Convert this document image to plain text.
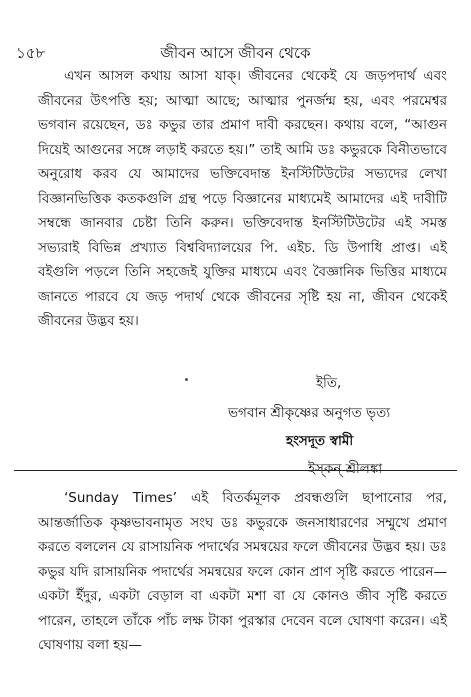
১৫৮	জীবন আসে জীবন থেকে

এখন আসল কথায় আসা যাক্‌। জীবনের থেকেই যে জড়পদার্থ এবং জীবনের উৎপত্তি হয়; আত্মা আছে; আত্মার পুনর্জন্ম হয়, এবং পরমেশ্বর ভগবান রয়েছেন, ডঃ কভুর তার প্রমাণ দাবী করছেন। কথায় বলে, “আগুন দিয়েই আগুনের সঙ্গে লড়াই করতে হয়।” তাই আমি ডঃ কভুরকে বিনীতভাবে অনুরোধ করব যে আমাদের ভক্তিবেদান্ত ইনস্টিটিউটের সভ্যদের লেখা বিজ্ঞানভিত্তিক কতকগুলি গ্রন্থ পড়ে বিজ্ঞানের মাধ্যমেই আমাদের এই দাবীটি সম্বন্ধে জানবার চেষ্টা তিনি করুন। ভক্তিবেদান্ত ইনস্টিটিউটের এই সমস্ত সভ্যরাই বিভিন্ন প্রখ্যাত বিশ্ববিদ্যালয়ের পি. এইচ. ডি উপাধি প্রাপ্ত। এই বইগুলি পড়লে তিনি সহজেই যুক্তির মাধ্যমে এবং বৈজ্ঞানিক ভিত্তির মাধ্যমে জানতে পারবে যে জড় পদার্থ থেকে জীবনের সৃষ্টি হয় না, জীবন থেকেই জীবনের উদ্ভব হয়।

ইতি,
ভগবান শ্রীকৃষ্ণের অনুগত ভৃত্য
হংসদূত স্বামী
ইস্‌কন্‌ শ্রীলঙ্কা

‘Sunday Times’ এই বিতর্কমূলক প্রবন্ধগুলি ছাপানোর পর, আন্তর্জাতিক কৃষ্ণভাবনামৃত সংঘ ডঃ কভুরকে জনসাধারণের সম্মুখে প্রমাণ করতে বললেন যে রাসায়নিক পদার্থের সমন্বয়ের ফলে জীবনের উদ্ভব হয়। ডঃ কভুর যদি রাসায়নিক পদার্থের সমন্বয়ের ফলে কোন প্রাণ সৃষ্টি করতে পারেন—একটা ইঁদুর, একটা বেড়াল বা একটা মশা বা যে কোনও জীব সৃষ্টি করতে পারেন, তাহলে তাঁকে পাঁচ লক্ষ টাকা পুরস্কার দেবেন বলে ঘোষণা করেন। এই ঘোষণায় বলা হয়—
